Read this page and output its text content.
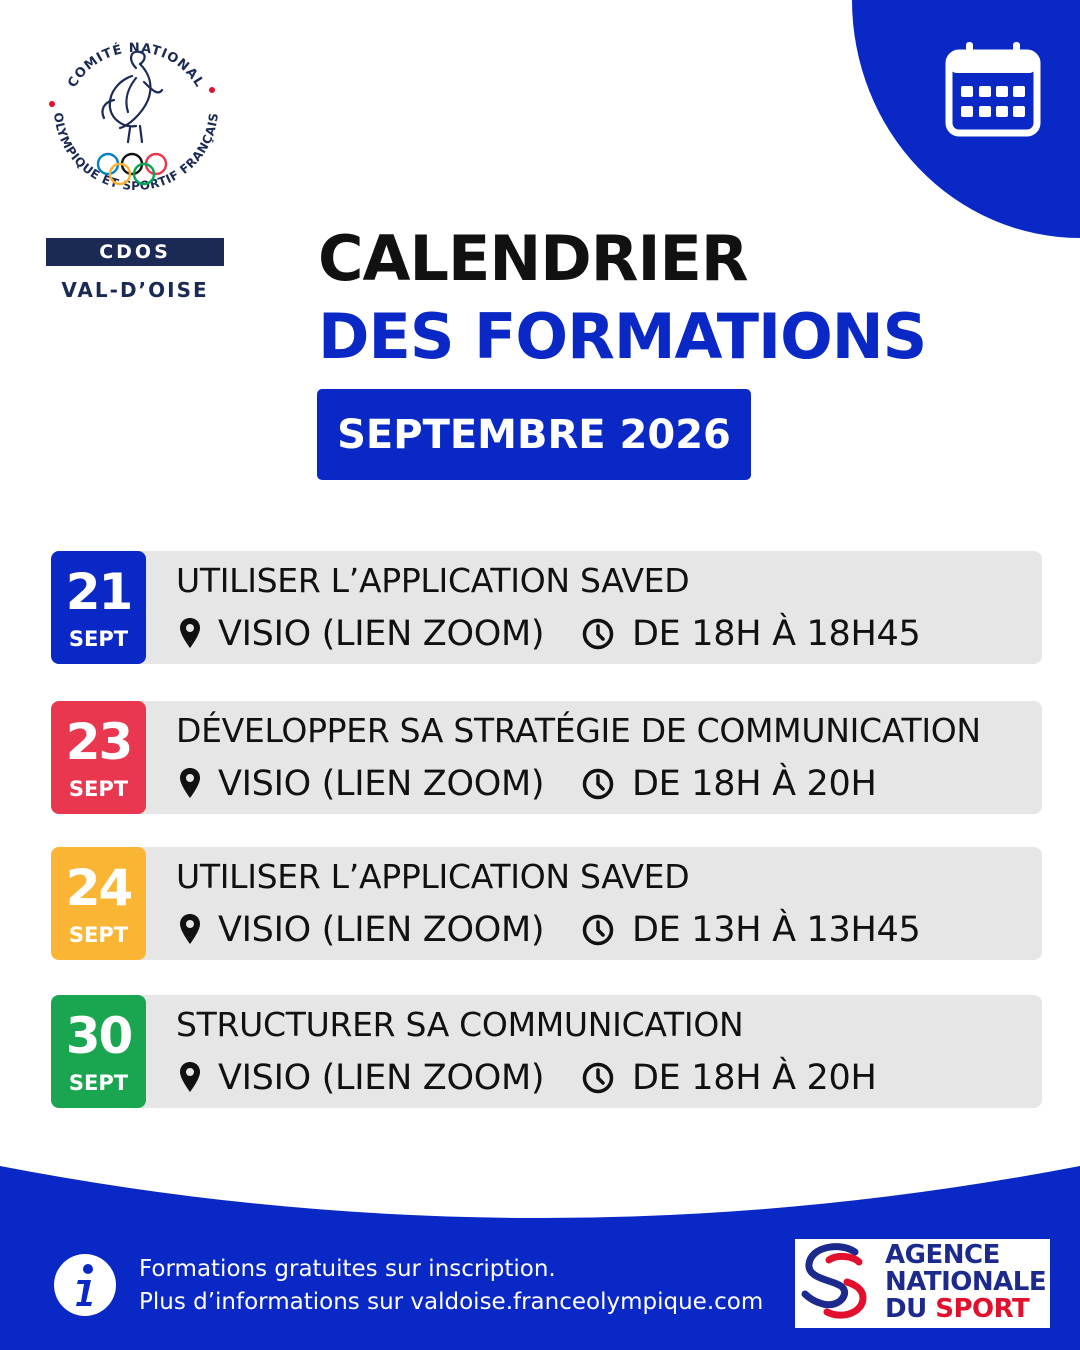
COMITÉ NATIONAL
OLYMPIQUE ET SPORTIF FRANÇAIS
CDOS
VAL-D’OISE CALENDRIER
DES FORMATIONS
SEPTEMBRE 2026
21
SEPT
UTILISER L’APPLICATION SAVED
VISIO (LIEN ZOOM)	DE 18H À 18H45
23
SEPT
DÉVELOPPER SA STRATÉGIE DE COMMUNICATION
VISIO (LIEN ZOOM)	DE 18H À 20H
24
SEPT
UTILISER L’APPLICATION SAVED
VISIO (LIEN ZOOM)	DE 13H À 13H45
30
SEPT
STRUCTURER SA COMMUNICATION
VISIO (LIEN ZOOM)	DE 18H À 20H
Formations gratuites sur inscription.
Plus d’informations sur valdoise.franceolympique.com
AGENCE
NATIONALE
DU SPORT
